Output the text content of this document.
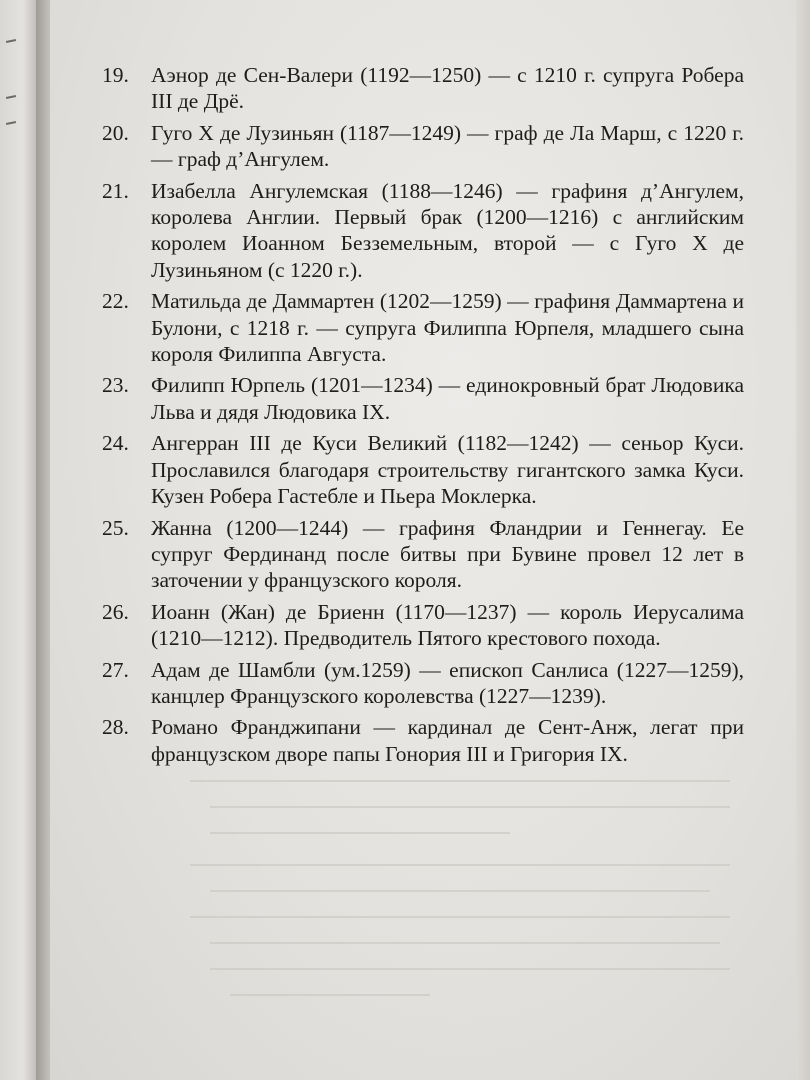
19.	Аэнор де Сен-Валери (1192—1250) — с 1210 г. супруга Робера III де Дрё.
20.	Гуго X де Лузиньян (1187—1249) — граф де Ла Марш, с 1220 г. — граф д’Ангулем.
21.	Изабелла Ангулемская (1188—1246) — графиня д’Ангулем, королева Англии. Первый брак (1200—1216) с английским королем Иоанном Безземельным, второй — с Гуго X де Лузиньяном (с 1220 г.).
22.	Матильда де Даммартен (1202—1259) — графиня Даммартена и Булони, с 1218 г. — супруга Филиппа Юрпеля, младшего сына короля Филиппа Августа.
23.	Филипп Юрпель (1201—1234) — единокровный брат Людовика Льва и дядя Людовика IX.
24.	Ангерран III де Куси Великий (1182—1242) — сеньор Куси. Прославился благодаря строительству гигантского замка Куси. Кузен Робера Гастебле и Пьера Моклерка.
25.	Жанна (1200—1244) — графиня Фландрии и Геннегау. Ее супруг Фердинанд после битвы при Бувине провел 12 лет в заточении у французского короля.
26.	Иоанн (Жан) де Бриенн (1170—1237) — король Иерусалима (1210—1212). Предводитель Пятого крестового похода.
27.	Адам де Шамбли (ум.1259) — епископ Санлиса (1227—1259), канцлер Французского королевства (1227—1239).
28.	Романо Франджипани — кардинал де Сент-Анж, легат при французском дворе папы Гонория III и Григория IX.
